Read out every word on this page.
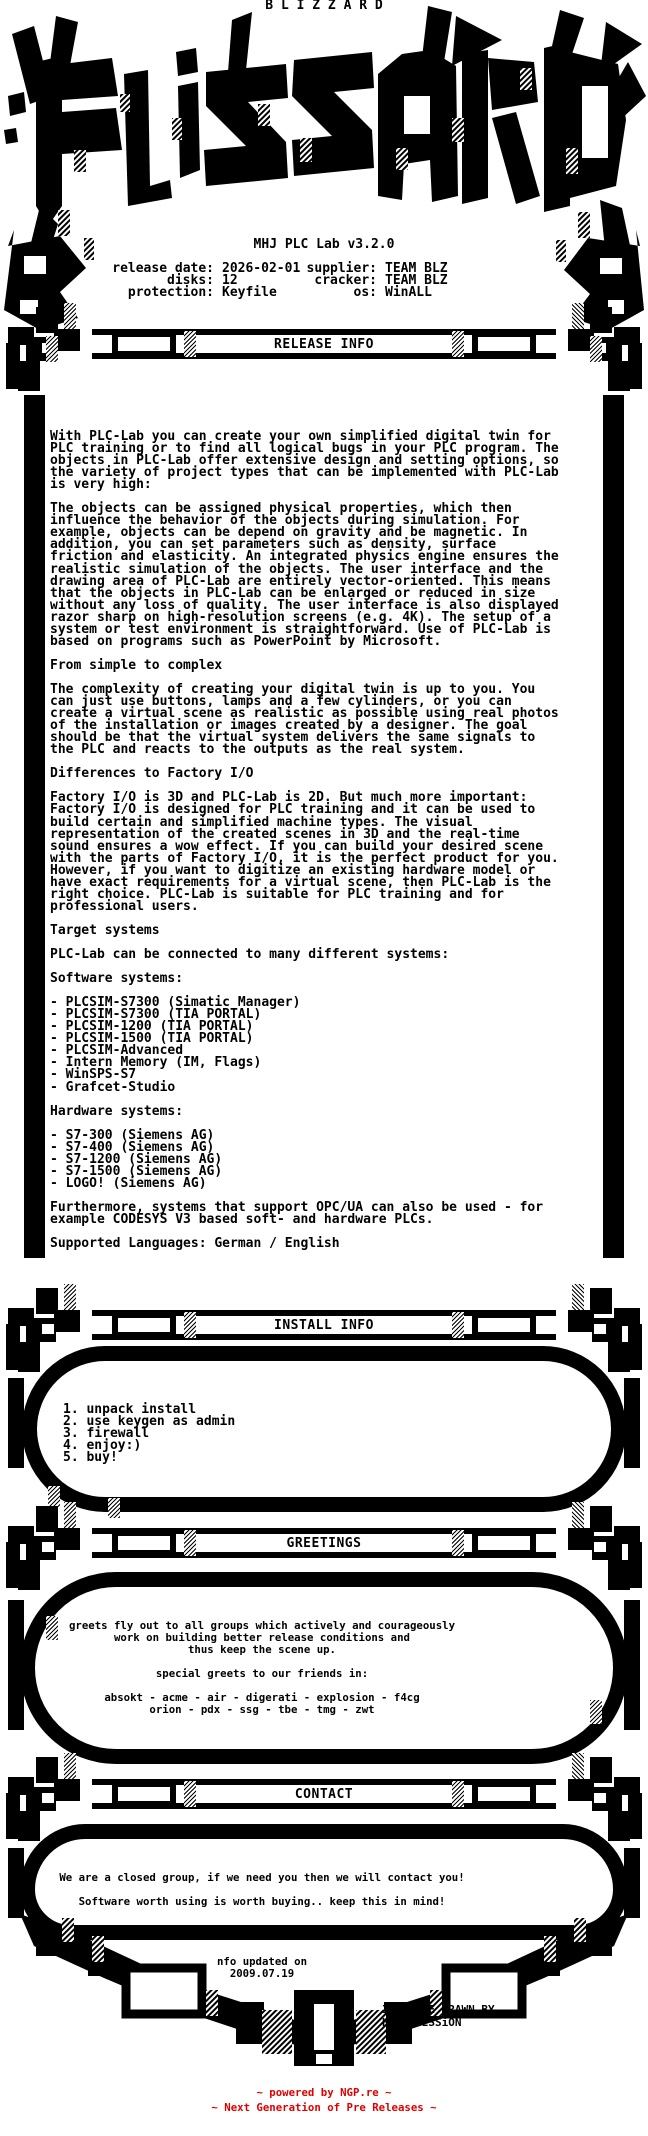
B L I Z Z A R D
MHJ PLC Lab v3.2.0
release date:
disks:
protection:
2026-02-01
12
Keyfile
supplier:
cracker:
os:
TEAM BLZ
TEAM BLZ
WinALL
RELEASE INFO
With PLC-Lab you can create your own simplified digital twin for
PLC training or to find all logical bugs in your PLC program. The
objects in PLC-Lab offer extensive design and setting options, so
the variety of project types that can be implemented with PLC-Lab
is very high:

The objects can be assigned physical properties, which then
influence the behavior of the objects during simulation. For
example, objects can be depend on gravity and be magnetic. In
addition, you can set parameters such as density, surface
friction and elasticity. An integrated physics engine ensures the
realistic simulation of the objects. The user interface and the
drawing area of PLC-Lab are entirely vector-oriented. This means
that the objects in PLC-Lab can be enlarged or reduced in size
without any loss of quality. The user interface is also displayed
razor sharp on high-resolution screens (e.g. 4K). The setup of a
system or test environment is straightforward. Use of PLC-Lab is
based on programs such as PowerPoint by Microsoft.

From simple to complex

The complexity of creating your digital twin is up to you. You
can just use buttons, lamps and a few cylinders, or you can
create a virtual scene as realistic as possible using real photos
of the installation or images created by a designer. The goal
should be that the virtual system delivers the same signals to
the PLC and reacts to the outputs as the real system.

Differences to Factory I/O

Factory I/O is 3D and PLC-Lab is 2D. But much more important:
Factory I/O is designed for PLC training and it can be used to
build certain and simplified machine types. The visual
representation of the created scenes in 3D and the real-time
sound ensures a wow effect. If you can build your desired scene
with the parts of Factory I/O, it is the perfect product for you.
However, if you want to digitize an existing hardware model or
have exact requirements for a virtual scene, then PLC-Lab is the
right choice. PLC-Lab is suitable for PLC training and for
professional users.

Target systems

PLC-Lab can be connected to many different systems:

Software systems:

- PLCSIM-S7300 (Simatic Manager)
- PLCSIM-S7300 (TIA PORTAL)
- PLCSIM-1200 (TIA PORTAL)
- PLCSIM-1500 (TIA PORTAL)
- PLCSIM-Advanced
- Intern Memory (IM, Flags)
- WinSPS-S7
- Grafcet-Studio

Hardware systems:

- S7-300 (Siemens AG)
- S7-400 (Siemens AG)
- S7-1200 (Siemens AG)
- S7-1500 (Siemens AG)
- LOGO! (Siemens AG)

Furthermore, systems that support OPC/UA can also be used - for
example CODESYS V3 based soft- and hardware PLCs.

Supported Languages: German / English
INSTALL INFO
1. unpack install
2. use keygen as admin
3. firewall
4. enjoy:)
5. buy!
GREETINGS
greets fly out to all groups which actively and courageously
work on building better release conditions and
thus keep the scene up.

special greets to our friends in:

absokt - acme - air - digerati - explosion - f4cg
orion - pdx - ssg - tbe - tmg - zwt
CONTACT
We are a closed group, if we need you then we will contact you!

Software worth using is worth buying.. keep this in mind!
nfo updated on
2009.07.19
INFOFILE DRAWN BY
H7/ACCESSiON
~ powered by NGP.re ~
~ Next Generation of Pre Releases ~
